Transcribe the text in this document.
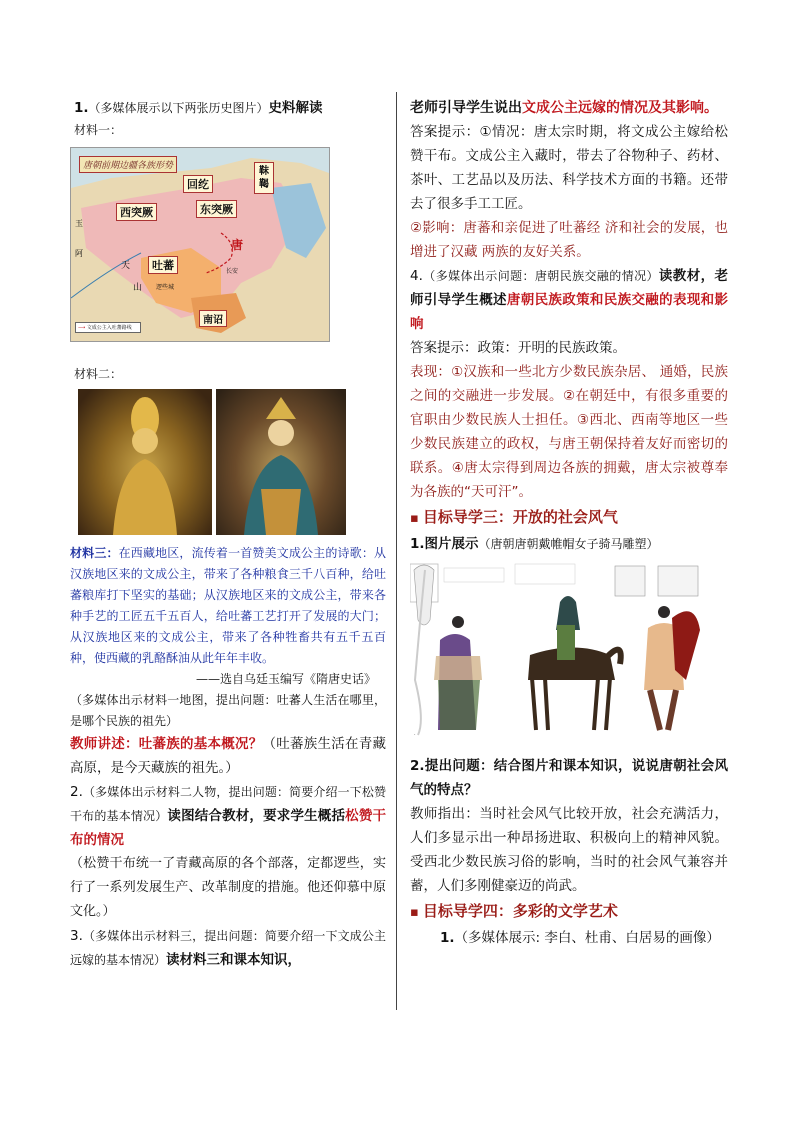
1.（多媒体展示以下两张历史图片）史料解读

材料一：

唐朝前期边疆各族形势
回纥
靺鞨
西突厥	东突厥
吐蕃
唐
长安
逻些城
南诏
天
山
玉
阿
⟶ 文成公主入吐蕃路线

材料二：

材料三：在西藏地区，流传着一首赞美文成公主的诗歌：从汉族地区来的文成公主，带来了各种粮食三千八百种，给吐蕃粮库打下坚实的基础；从汉族地区来的文成公主，带来各种手艺的工匠五千五百人，给吐蕃工艺打开了发展的大门；从汉族地区来的文成公主，带来了各种牲畜共有五千五百种，使西藏的乳酪酥油从此年年丰收。

——选自乌廷玉编写《隋唐史话》

（多媒体出示材料一地图，提出问题：吐蕃人生活在哪里，是哪个民族的祖先）

教师讲述：吐蕃族的基本概况？（吐蕃族生活在青藏高原，是今天藏族的祖先。）

2.（多媒体出示材料二人物，提出问题：简要介绍一下松赞干布的基本情况）读图结合教材，要求学生概括松赞干布的情况

（松赞干布统一了青藏高原的各个部落，定都逻些，实行了一系列发展生产、改革制度的措施。他还仰慕中原文化。）

3.（多媒体出示材料三，提出问题：简要介绍一下文成公主远嫁的基本情况）读材料三和课本知识，

老师引导学生说出文成公主远嫁的情况及其影响。

答案提示：①情况：唐太宗时期，将文成公主嫁给松赞干布。文成公主入藏时，带去了谷物种子、药材、茶叶、工艺品以及历法、科学技术方面的书籍。还带去了很多手工工匠。

②影响：唐蕃和亲促进了吐蕃经 济和社会的发展，也增进了汉藏 两族的友好关系。

4.（多媒体出示问题：唐朝民族交融的情况）读教材，老师引导学生概述唐朝民族政策和民族交融的表现和影响

答案提示：政策：开明的民族政策。

表现：①汉族和一些北方少数民族杂居、 通婚，民族之间的交融进一步发展。②在朝廷中，有很多重要的官职由少数民族人士担任。③西北、西南等地区一些少数民族建立的政权，与唐王朝保持着友好而密切的联系。④唐太宗得到周边各族的拥戴，唐太宗被尊奉为各族的“天可汗”。

▪ 目标导学三：开放的社会风气

1.图片展示（唐朝唐朝戴帷帽女子骑马雕塑）

·

2.提出问题：结合图片和课本知识，说说唐朝社会风气的特点？

教师指出：当时社会风气比较开放，社会充满活力，人们多显示出一种昂扬进取、积极向上的精神风貌。受西北少数民族习俗的影响，当时的社会风气兼容并蓄，人们多刚健豪迈的尚武。

▪ 目标导学四：多彩的文学艺术

1.（多媒体展示: 李白、杜甫、白居易的画像）
